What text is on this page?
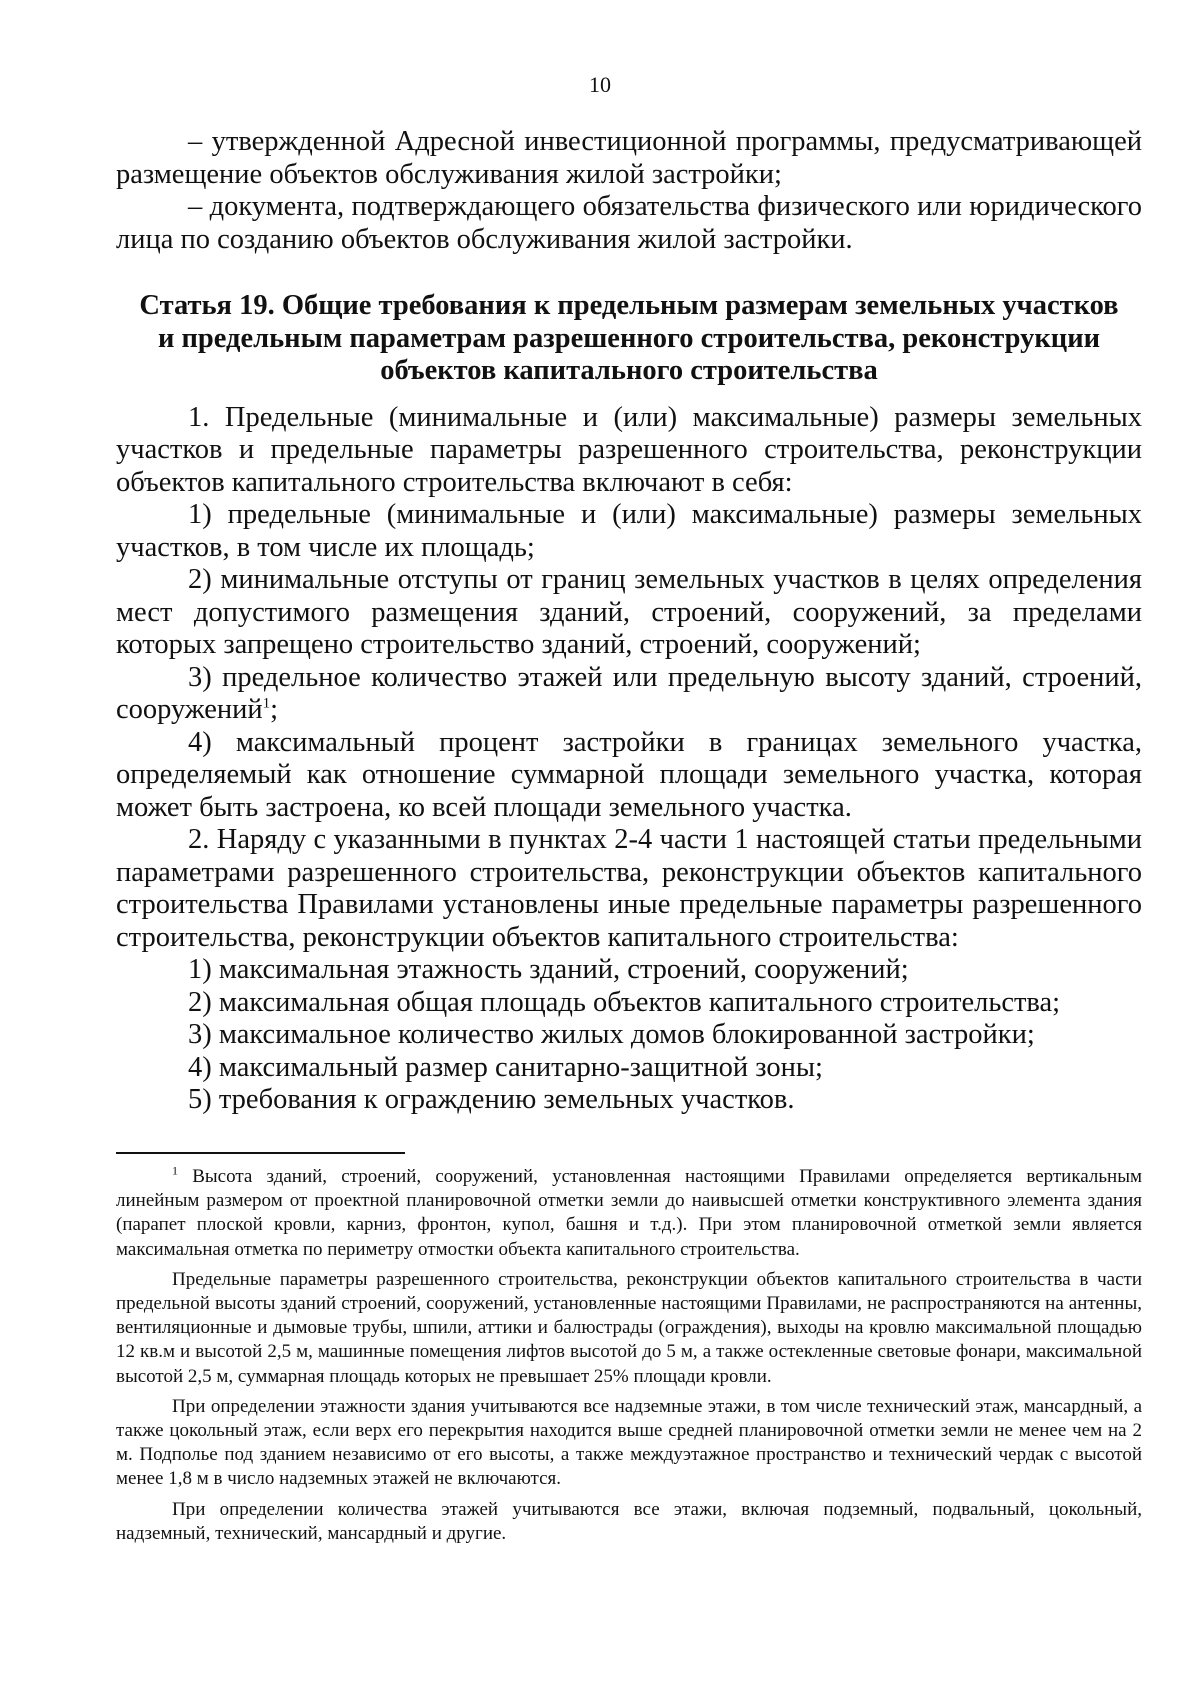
10

– утвержденной Адресной инвестиционной программы, предусматривающей размещение объектов обслуживания жилой застройки;

– документа, подтверждающего обязательства физического или юридического лица по созданию объектов обслуживания жилой застройки.

Статья 19. Общие требования к предельным размерам земельных участков
и предельным параметрам разрешенного строительства, реконструкции
объектов капитального строительства

1. Предельные (минимальные и (или) максимальные) размеры земельных участков и предельные параметры разрешенного строительства, реконструкции объектов капитального строительства включают в себя:

1) предельные (минимальные и (или) максимальные) размеры земельных участков, в том числе их площадь;

2) минимальные отступы от границ земельных участков в целях определения мест допустимого размещения зданий, строений, сооружений, за пределами которых запрещено строительство зданий, строений, сооружений;

3) предельное количество этажей или предельную высоту зданий, строений, сооружений$^1$;

4) максимальный процент застройки в границах земельного участка, определяемый как отношение суммарной площади земельного участка, которая может быть застроена, ко всей площади земельного участка.

2. Наряду с указанными в пунктах 2-4 части 1 настоящей статьи предельными параметрами разрешенного строительства, реконструкции объектов капитального строительства Правилами установлены иные предельные параметры разрешенного строительства, реконструкции объектов капитального строительства:

1) максимальная этажность зданий, строений, сооружений;
2) максимальная общая площадь объектов капитального строительства;
3) максимальное количество жилых домов блокированной застройки;
4) максимальный размер санитарно-защитной зоны;
5) требования к ограждению земельных участков.

$^1$ Высота зданий, строений, сооружений, установленная настоящими Правилами определяется вертикальным линейным размером от проектной планировочной отметки земли до наивысшей отметки конструктивного элемента здания (парапет плоской кровли, карниз, фронтон, купол, башня и т.д.). При этом планировочной отметкой земли является максимальная отметка по периметру отмостки объекта капитального строительства.

Предельные параметры разрешенного строительства, реконструкции объектов капитального строительства в части предельной высоты зданий строений, сооружений, установленные настоящими Правилами, не распространяются на антенны, вентиляционные и дымовые трубы, шпили, аттики и балюстрады (ограждения), выходы на кровлю максимальной площадью 12 кв.м и высотой 2,5 м, машинные помещения лифтов высотой до 5 м, а также остекленные световые фонари, максимальной высотой 2,5 м, суммарная площадь которых не превышает 25% площади кровли.

При определении этажности здания учитываются все надземные этажи, в том числе технический этаж, мансардный, а также цокольный этаж, если верх его перекрытия находится выше средней планировочной отметки земли не менее чем на 2 м. Подполье под зданием независимо от его высоты, а также междуэтажное пространство и технический чердак с высотой менее 1,8 м в число надземных этажей не включаются.

При определении количества этажей учитываются все этажи, включая подземный, подвальный, цокольный, надземный, технический, мансардный и другие.
